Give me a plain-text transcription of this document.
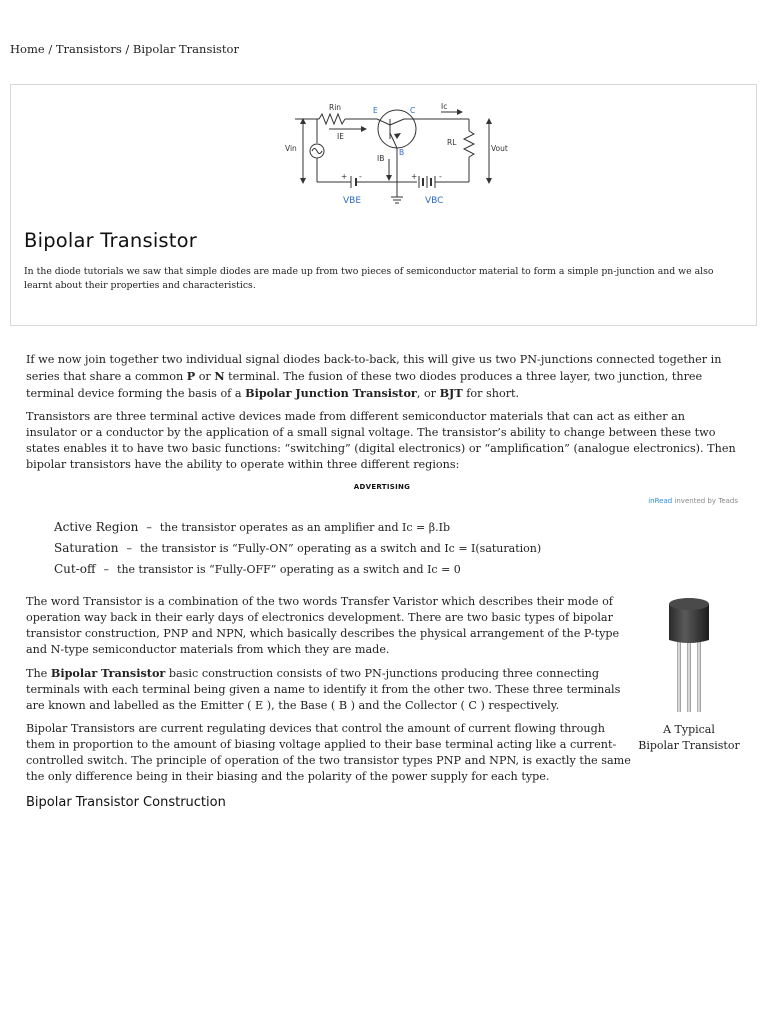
Home / Transistors / Bipolar Transistor
Rin	E	C	Ic
IE
IB
B
RL
Vin	Vout
VBE	VBC
+ -	+	-
Bipolar Transistor

In the diode tutorials we saw that simple diodes are made up from two pieces of semiconductor material to form a simple pn-junction and we also learnt about their properties and characteristics.

If we now join together two individual signal diodes back-to-back, this will give us two PN-junctions connected together in series that share a common P or N terminal. The fusion of these two diodes produces a three layer, two junction, three terminal device forming the basis of a Bipolar Junction Transistor, or BJT for short.

Transistors are three terminal active devices made from different semiconductor materials that can act as either an insulator or a conductor by the application of a small signal voltage. The transistor’s ability to change between these two states enables it to have two basic functions: “switching” (digital electronics) or “amplification” (analogue electronics). Then bipolar transistors have the ability to operate within three different regions:

ADVERTISING
inRead invented by Teads
Active Region – the transistor operates as an amplifier and Ic = β.Ib
Saturation – the transistor is “Fully-ON” operating as a switch and Ic = I(saturation)
Cut-off – the transistor is “Fully-OFF” operating as a switch and Ic = 0

The word Transistor is a combination of the two words Transfer Varistor which describes their mode of operation way back in their early days of electronics development. There are two basic types of bipolar transistor construction, PNP and NPN, which basically describes the physical arrangement of the P-type and N-type semiconductor materials from which they are made.

The Bipolar Transistor basic construction consists of two PN-junctions producing three connecting terminals with each terminal being given a name to identify it from the other two. These three terminals are known and labelled as the Emitter ( E ), the Base ( B ) and the Collector ( C ) respectively.

Bipolar Transistors are current regulating devices that control the amount of current flowing through them in proportion to the amount of biasing voltage applied to their base terminal acting like a current-controlled switch. The principle of operation of the two transistor types PNP and NPN, is exactly the same the only difference being in their biasing and the polarity of the power supply for each type.

A Typical
Bipolar Transistor
Bipolar Transistor Construction
